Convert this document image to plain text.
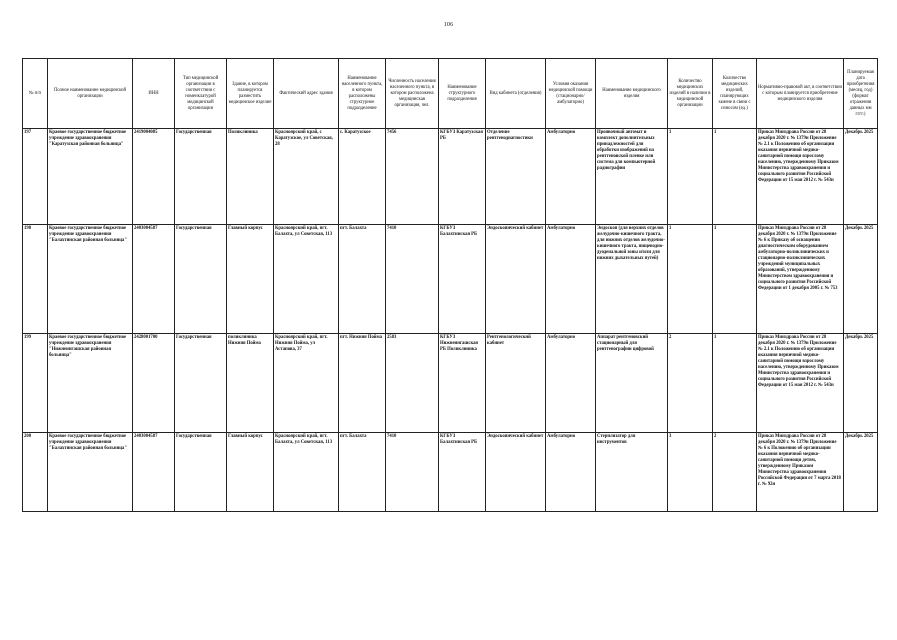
106
№ п/п	Полное наименование медицинской организации	ИНН	Тип медицинской организации в соответствии с номенклатурой медицинской организации	Здание, в котором планируется разместить медицинское изделие	Фактический адрес здания	Наименование населенного пункта, в котором расположены структурное подразделение	Численность населения населенного пункта, в котором расположена медицинская организация, чел.	Наименование структурного подразделения	Вид кабинета (отделения)	Условия оказания медицинской помощи (стационарно/ амбулаторно)	Наименование медицинского изделия	Количество медицинских изделий в наличии в медицинской организации	Количество медицинских изделий, планирующих замене в связи с износом (ед.)	Нормативно-правовой акт, в соответствии с которым планируется приобретение медицинского изделия	Планируемая дата приобретения (месяц, год) (формат отражения данных мм гггг.)
197	Краевое государственное бюджетное учреждение здравоохранения "Каратузская районная больница"	2419004085	Государственная	Поликлиника	Красноярский край, с Каратузское, ул Советская, 28	с. Каратузское	7456	КГБУЗ Каратузская РБ	Отделение рентгенодиагностики	Амбулаторно	Проявочный автомат и комплект дополнительных принадлежностей для обработки изображений на рентгеновской пленке или система для компьютерной радиографии	1	1	Приказ Минздрава России от 28 декабря 2020 г. № 1379н Приложение № 2.1 к Положению об организации оказания первичной медико-санитарной помощи взрослому населению, утвержденному Приказом Министерства здравоохранения и социального развития Российской Федерации от 15 мая 2012 г. № 543н	Декабрь 2025
198	Краевое государственное бюджетное учреждение здравоохранения "Балахтинская районная больница"	2403004587	Государственная	Главный корпус	Красноярский край, пгт. Балахта, ул Советская, 113	пгт. Балахта	7410	КГБУЗ Балахтинская РБ	Эндоскопический кабинет	Амбулаторно	Эндоскоп (для верхних отделов желудочно-кишечного тракта, для нижних отделов желудочно-кишечного тракта, пищеводно-дуоденальной зоны и/или для нижних дыхательных путей)	1	1	Приказ Минздрава России от 28 декабря 2020 г. № 1379н Приложение № 6 к Приказу об оснащении диагностическим оборудованием амбулаторно-поликлинических и стационарно-поликлинических учреждений муниципальных образований, утвержденному Министерством здравоохранения и социального развития Российской Федерации от 1 декабря 2005 г. № 753	Декабрь 2025
199	Краевое государственное бюджетное учреждение здравоохранения "Нижнеингашская районная больница"	2428001700	Государственная	поликлиника Нижняя Пойма	Красноярский край, пгт. Нижняя Пойма, ул Астапова, 37	пгт. Нижняя Пойма	2583	КГБУЗ Нижнеингашская РБ Поликлиника	Рентгенологический кабинет	Амбулаторно	Аппарат рентгеновский стационарный для рентгенографии цифровой	2	1	Приказ Минздрава России от 28 декабря 2020 г. № 1379н Приложение № 2.1 к Положению об организации оказания первичной медико-санитарной помощи взрослому населению, утвержденному Приказом Министерства здравоохранения и социального развития Российской Федерации от 15 мая 2012 г. № 543н	Декабрь 2025
200	Краевое государственное бюджетное учреждение здравоохранения "Балахтинская районная больница"	2403004587	Государственная	Главный корпус	Красноярский край, пгт. Балахта, ул Советская, 113	пгт. Балахта	7410	КГБУЗ Балахтинская РБ	Эндоскопический кабинет	Амбулаторно	Стерилизатор для инструментов	3	2	Приказ Минздрава России от 28 декабря 2020 г. № 1379н Приложение № 6 к Положению об организации оказания первичной медико-санитарной помощи детям, утвержденному Приказом Министерства здравоохранения Российской Федерации от 7 марта 2018 г. № 92н	Декабрь 2025
